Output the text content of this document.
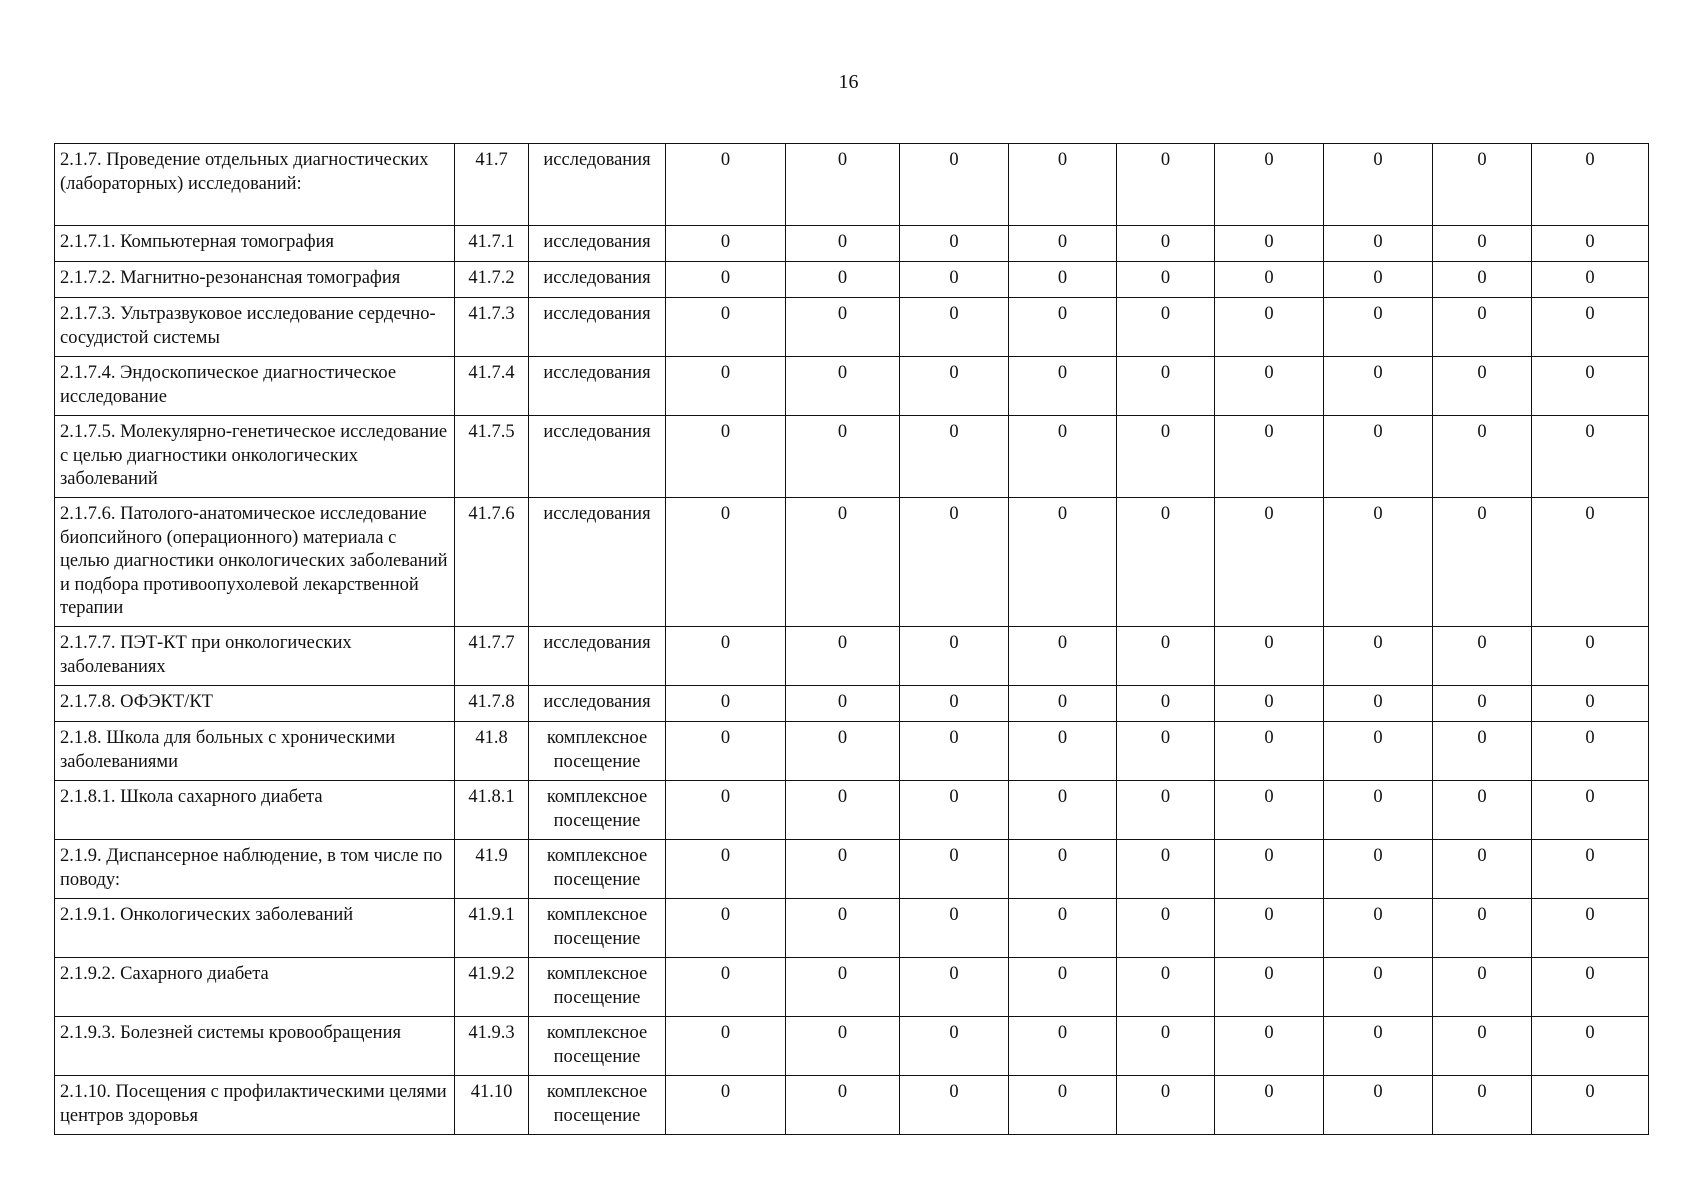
16
2.1.7. Проведение отдельных диагностических (лабораторных) исследований:	41.7	исследования	0	0	0	0	0	0	0	0	0
2.1.7.1. Компьютерная томография	41.7.1	исследования	0	0	0	0	0	0	0	0	0
2.1.7.2. Магнитно-резонансная томография	41.7.2	исследования	0	0	0	0	0	0	0	0	0
2.1.7.3. Ультразвуковое исследование сердечно-сосудистой системы	41.7.3	исследования	0	0	0	0	0	0	0	0	0
2.1.7.4. Эндоскопическое диагностическое исследование	41.7.4	исследования	0	0	0	0	0	0	0	0	0
2.1.7.5. Молекулярно-генетическое исследование с целью диагностики онкологических заболеваний	41.7.5	исследования	0	0	0	0	0	0	0	0	0
2.1.7.6. Патолого-анатомическое исследование биопсийного (операционного) материала с целью диагностики онкологических заболеваний и подбора противоопухолевой лекарственной терапии	41.7.6	исследования	0	0	0	0	0	0	0	0	0
2.1.7.7. ПЭТ-КТ при онкологических заболеваниях	41.7.7	исследования	0	0	0	0	0	0	0	0	0
2.1.7.8. ОФЭКТ/КТ	41.7.8	исследования	0	0	0	0	0	0	0	0	0
2.1.8. Школа для больных с хроническими заболеваниями	41.8	комплексное посещение	0	0	0	0	0	0	0	0	0
2.1.8.1. Школа сахарного диабета	41.8.1	комплексное посещение	0	0	0	0	0	0	0	0	0
2.1.9. Диспансерное наблюдение, в том числе по поводу:	41.9	комплексное посещение	0	0	0	0	0	0	0	0	0
2.1.9.1. Онкологических заболеваний	41.9.1	комплексное посещение	0	0	0	0	0	0	0	0	0
2.1.9.2. Сахарного диабета	41.9.2	комплексное посещение	0	0	0	0	0	0	0	0	0
2.1.9.3. Болезней системы кровообращения	41.9.3	комплексное посещение	0	0	0	0	0	0	0	0	0
2.1.10. Посещения с профилактическими целями центров здоровья	41.10	комплексное посещение	0	0	0	0	0	0	0	0	0
